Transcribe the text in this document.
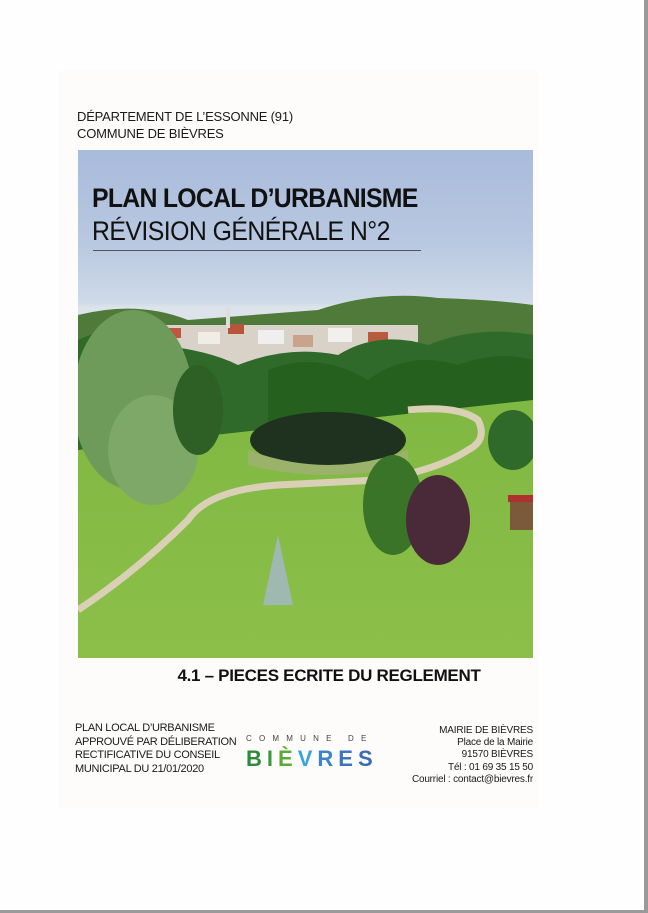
DÉPARTEMENT DE L’ESSONNE (91)
COMMUNE DE BIÈVRES
PLAN LOCAL D’URBANISME
RÉVISION GÉNÉRALE N°2
4.1 – PIECES ECRITE DU REGLEMENT
PLAN LOCAL D’URBANISME
APPROUVÉ PAR DÉLIBERATION
RECTIFICATIVE DU CONSEIL
MUNICIPAL DU 21/01/2020
COMMUNE DE
BIÈVRES
MAIRIE DE BIÈVRES
Place de la Mairie
91570 BIÈVRES
Tél : 01 69 35 15 50
Courriel : contact@bievres.fr
